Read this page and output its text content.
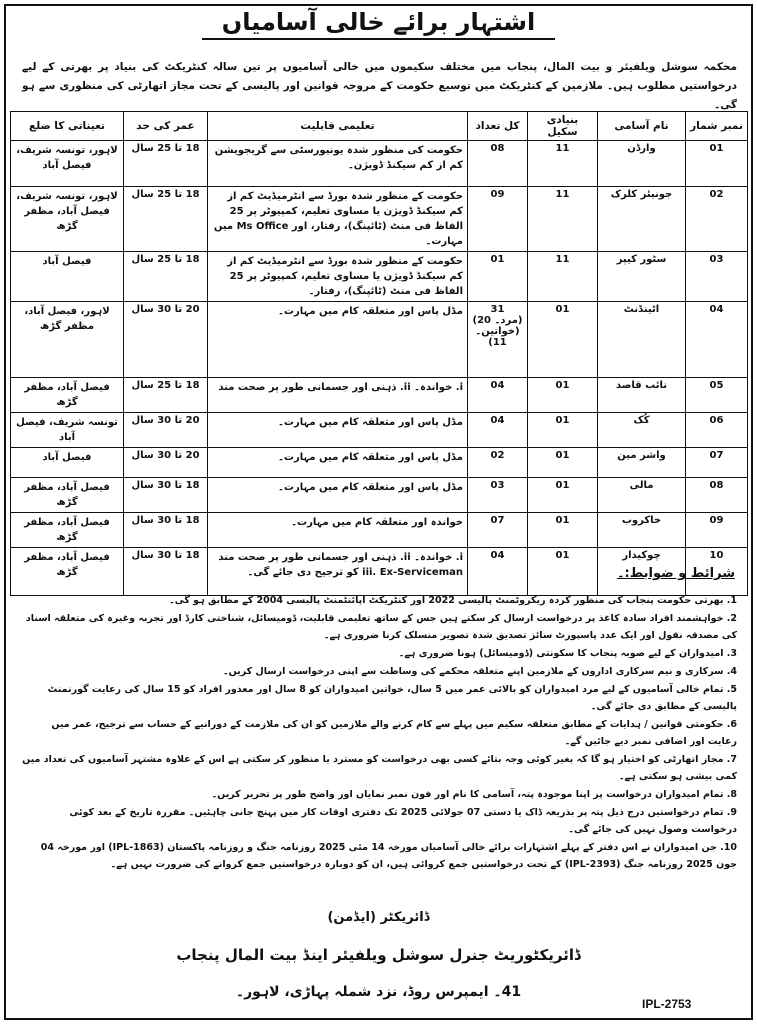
اشتہار برائے خالی آسامیاں
محکمہ سوشل ویلفیئر و بیت المال، پنجاب میں مختلف سکیموں میں خالی آسامیوں پر تین سالہ کنٹریکٹ کی بنیاد پر بھرتی کے لیے درخواستیں مطلوب ہیں۔ ملازمین کے کنٹریکٹ میں توسیع حکومت کے مروجہ قوانین اور پالیسی کے تحت مجاز اتھارٹی کی منظوری سے ہو گی۔
نمبر شمار	نام آسامی	بنیادی سکیل	کل تعداد	تعلیمی قابلیت	عمر کی حد	تعیناتی کا ضلع
01	وارڈن	11	08	حکومت کی منظور شدہ یونیورسٹی سے گریجویشن کم از کم سیکنڈ ڈویژن۔	18 تا 25 سال	لاہور، تونسہ شریف، فیصل آباد
02	جونیئر کلرک	11	09	حکومت کے منظور شدہ بورڈ سے انٹرمیڈیٹ کم از کم سیکنڈ ڈویژن یا مساوی تعلیم، کمپیوٹر پر 25 الفاظ فی منٹ (ٹائپنگ)، رفتار، اور Ms Office میں مہارت۔	18 تا 25 سال	لاہور، تونسہ شریف، فیصل آباد، مظفر گڑھ
03	سٹور کیپر	11	01	حکومت کے منظور شدہ بورڈ سے انٹرمیڈیٹ کم از کم سیکنڈ ڈویژن یا مساوی تعلیم، کمپیوٹر پر 25 الفاظ فی منٹ (ٹائپنگ)، رفتار۔	18 تا 25 سال	فیصل آباد
04	اٹینڈنٹ	01	31
(مرد۔ 20)
(خواتین۔ 11)	مڈل پاس اور متعلقہ کام میں مہارت۔	20 تا 30 سال	لاہور، فیصل آباد، مظفر گڑھ
05	نائب قاصد	01	04	i. خواندہ۔ ii. ذہنی اور جسمانی طور پر صحت مند	18 تا 25 سال	فیصل آباد، مظفر گڑھ
06	کُک	01	04	مڈل پاس اور متعلقہ کام میں مہارت۔	20 تا 30 سال	تونسہ شریف، فیصل آباد
07	واشر مین	01	02	مڈل پاس اور متعلقہ کام میں مہارت۔	20 تا 30 سال	فیصل آباد
08	مالی	01	03	مڈل پاس اور متعلقہ کام میں مہارت۔	18 تا 30 سال	فیصل آباد، مظفر گڑھ
09	خاکروب	01	07	خواندہ اور متعلقہ کام میں مہارت۔	18 تا 30 سال	فیصل آباد، مظفر گڑھ
10	چوکیدار	01	04	i. خواندہ۔ ii. ذہنی اور جسمانی طور پر صحت مند iii. Ex-Serviceman کو ترجیح دی جائے گی۔	18 تا 30 سال	فیصل آباد، مظفر گڑھ	شرائط و ضوابط:۔
1. بھرتی حکومت پنجاب کی منظور کردہ ریکروٹمنٹ پالیسی 2022 اور کنٹریکٹ اپائنٹمنٹ پالیسی 2004 کے مطابق ہو گی۔
2. خواہشمند افراد سادہ کاغذ پر درخواست ارسال کر سکتے ہیں جس کے ساتھ تعلیمی قابلیت، ڈومیسائل، شناختی کارڈ اور تجربہ وغیرہ کی متعلقہ اسناد کی مصدقہ نقول اور ایک عدد پاسپورٹ سائز تصدیق شدہ تصویر منسلک کرنا ضروری ہے۔
3. امیدواران کے لیے صوبہ پنجاب کا سکونتی (ڈومیسائل) ہونا ضروری ہے۔
4. سرکاری و نیم سرکاری اداروں کے ملازمین اپنے متعلقہ محکمے کی وساطت سے اپنی درخواست ارسال کریں۔
5. تمام خالی آسامیوں کے لیے مرد امیدواران کو بالائی عمر میں 5 سال، خواتین امیدواران کو 8 سال اور معذور افراد کو 15 سال کی رعایت گورنمنٹ پالیسی کے مطابق دی جائے گی۔
6. حکومتی قوانین / ہدایات کے مطابق متعلقہ سکیم میں پہلے سے کام کرنے والے ملازمین کو ان کی ملازمت کے دورانیے کے حساب سے ترجیح، عمر میں رعایت اور اضافی نمبر دیے جائیں گے۔
7. مجاز اتھارٹی کو اختیار ہو گا کہ بغیر کوئی وجہ بتائے کسی بھی درخواست کو مسترد یا منظور کر سکتی ہے اس کے علاوہ مشتہر آسامیوں کی تعداد میں کمی بیشی ہو سکتی ہے۔
8. تمام امیدواران درخواست پر اپنا موجودہ پتہ، آسامی کا نام اور فون نمبر نمایاں اور واضح طور پر تحریر کریں۔
9. تمام درخواستیں درج ذیل پتہ پر بذریعہ ڈاک یا دستی 07 جولائی 2025 تک دفتری اوقات کار میں پہنچ جانی چاہئیں۔ مقررہ تاریخ کے بعد کوئی درخواست وصول نہیں کی جائے گی۔
10. جن امیدواران نے اس دفتر کے پہلے اشتہارات برائے خالی آسامیاں مورخہ 14 مئی 2025 روزنامہ جنگ و روزنامہ پاکستان (IPL-1863) اور مورخہ 04 جون 2025 روزنامہ جنگ (IPL-2393) کے تحت درخواستیں جمع کروائی ہیں، ان کو دوبارہ درخواستیں جمع کروانے کی ضرورت نہیں ہے۔
ڈائریکٹر (ایڈمن)
ڈائریکٹوریٹ جنرل سوشل ویلفیئر اینڈ بیت المال پنجاب
41۔ ایمپرس روڈ، نزد شملہ پہاڑی، لاہور۔
IPL-2753
